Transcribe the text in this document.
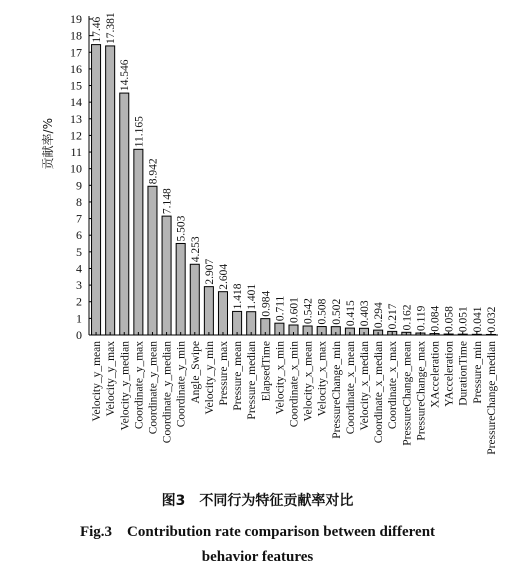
0
1
2
3
4
5
6
7
8
9
10
11
12
13
14
15
16
17
18
19
贡献率/%
17.46
Velocity_y_mean
17.381
Velocity_y_max
14.546
Velocity_y_median
11.165
Coordinate_y_max
8.942
Coordinate_y_mean
7.148
Coordinate_y_median
5.503
Coordinate_y_min
4.253
Angle_Swipe
2.907
Velocity_y_min
2.604
Pressure_max
1.418
Pressure_mean
1.401
Pressure_median
0.984
ElapsedTime
0.711
Velocity_x_min
0.601
Coordinate_x_min
0.542
Velocity_x_mean
0.508
Velocity_x_max
0.502
PressureChange_min
0.415
Coordinate_x_mean
0.403
Velocity_x_median
0.294
Coordinate_x_median
0.217
Coordinate_x_max
0.162
PressureChange_mean
0.119
PressureChange_max
0.084
XAcceleration
0.058
YAcceleration
0.051
DurationTime
0.041
Pressure_min
0.032
PressureChange_median
图3　不同行为特征贡献率对比
Fig.3　Contribution rate comparison between different
behavior features
